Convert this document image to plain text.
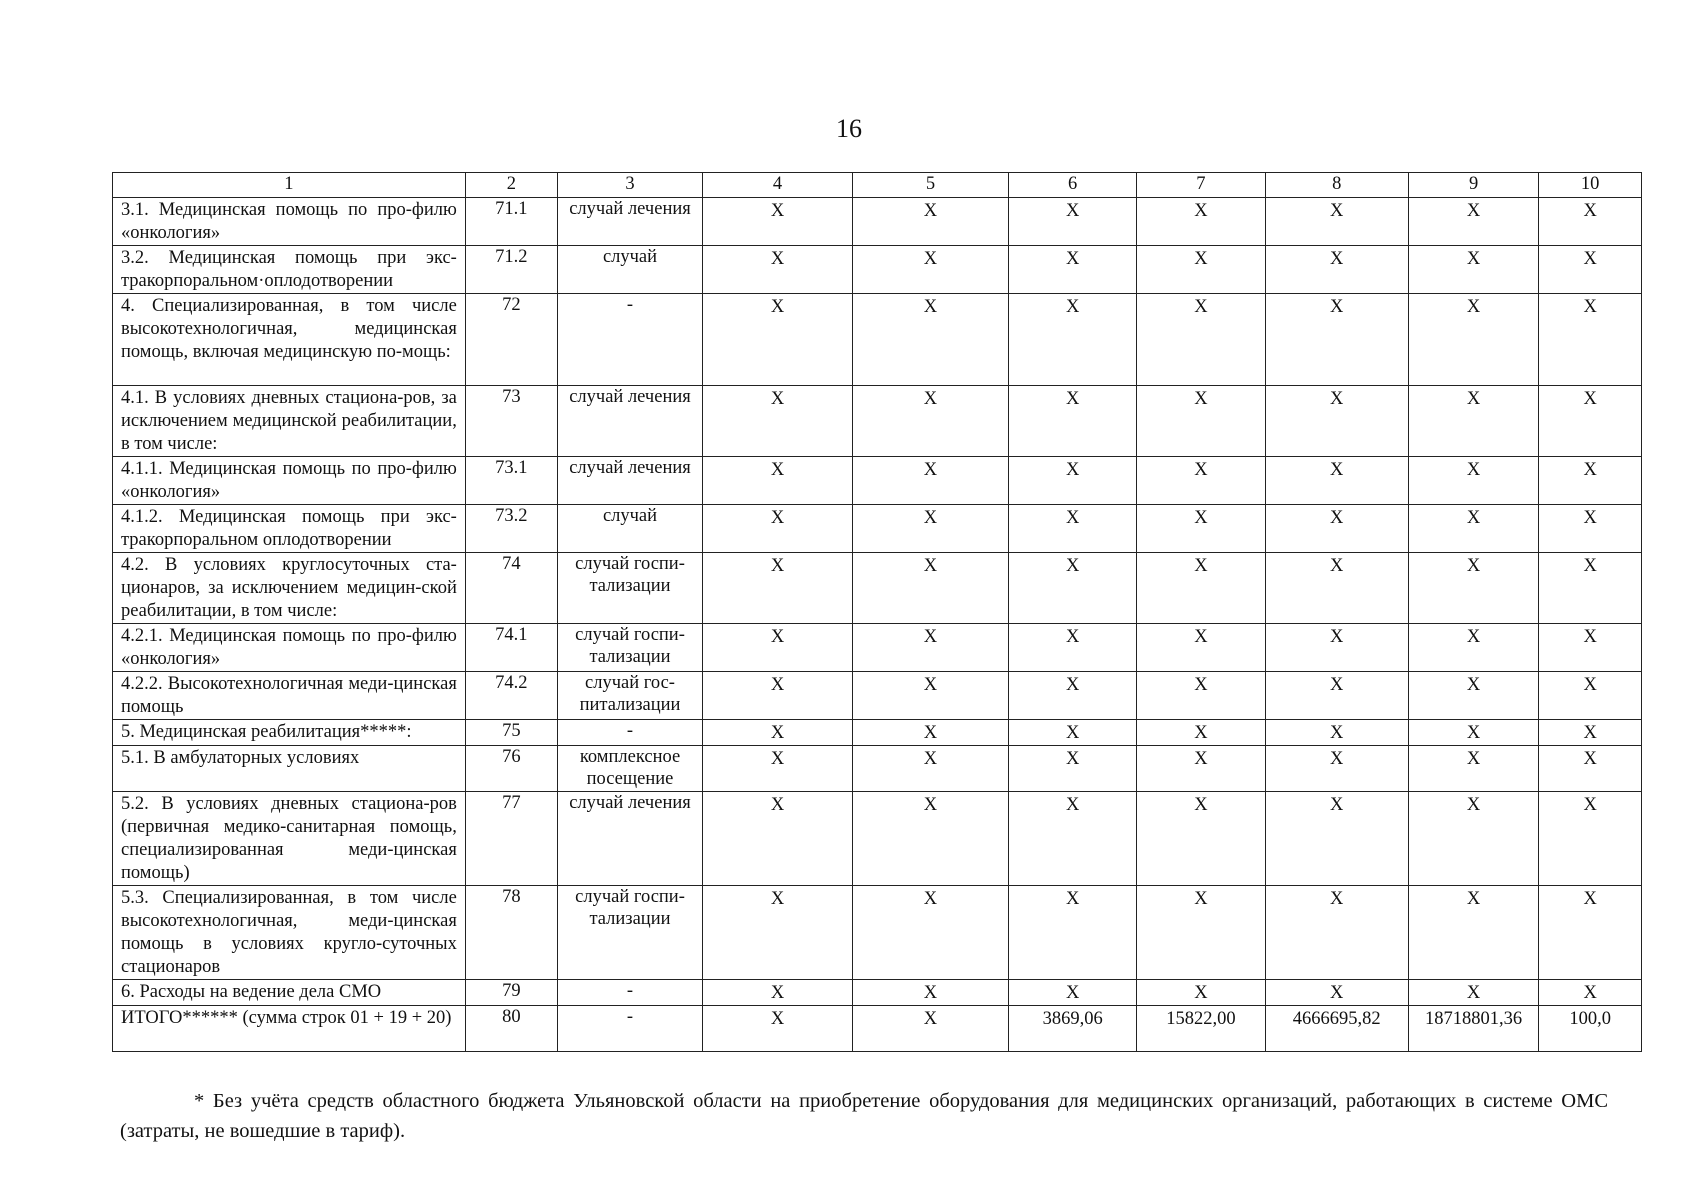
16
1	2	3	4	5	6	7	8	9	10
3.1. Медицинская помощь по про-филю «онкология»	71.1	случай лечения	X	X	X	X	X	X	X
3.2. Медицинская помощь при экс-тракорпоральном·оплодотворении	71.2	случай	X	X	X	X	X	X	X
4. Специализированная, в том числе высокотехнологичная, медицинская помощь, включая медицинскую по-мощь:	72	-	X	X	X	X	X	X	X
4.1. В условиях дневных стациона-ров, за исключением медицинской реабилитации, в том числе:	73	случай лечения	X	X	X	X	X	X	X
4.1.1. Медицинская помощь по про-филю «онкология»	73.1	случай лечения	X	X	X	X	X	X	X
4.1.2. Медицинская помощь при экс-тракорпоральном оплодотворении	73.2	случай	X	X	X	X	X	X	X
4.2. В условиях круглосуточных ста-ционаров, за исключением медицин-ской реабилитации, в том числе:	74	случай госпи-тализации	X	X	X	X	X	X	X
4.2.1. Медицинская помощь по про-филю «онкология»	74.1	случай госпи-тализации	X	X	X	X	X	X	X
4.2.2. Высокотехнологичная меди-цинская помощь	74.2	случай гос-питализации	X	X	X	X	X	X	X
5. Медицинская реабилитация*****:	75	-	X	X	X	X	X	X	X
5.1. В амбулаторных условиях	76	комплексное посещение	X	X	X	X	X	X	X
5.2. В условиях дневных стациона-ров (первичная медико-санитарная помощь, специализированная меди-цинская помощь)	77	случай лечения	X	X	X	X	X	X	X
5.3. Специализированная, в том числе высокотехнологичная, меди-цинская помощь в условиях кругло-суточных стационаров	78	случай госпи-тализации	X	X	X	X	X	X	X
6. Расходы на ведение дела СМО	79	-	X	X	X	X	X	X	X
ИТОГО****** (сумма строк 01 + 19 + 20)	80	-	X	X	3869,06	15822,00	4666695,82	18718801,36	100,0
* Без учёта средств областного бюджета Ульяновской области на приобретение оборудования для медицинских организаций, работающих в системе ОМС (затраты, не вошедшие в тариф).
